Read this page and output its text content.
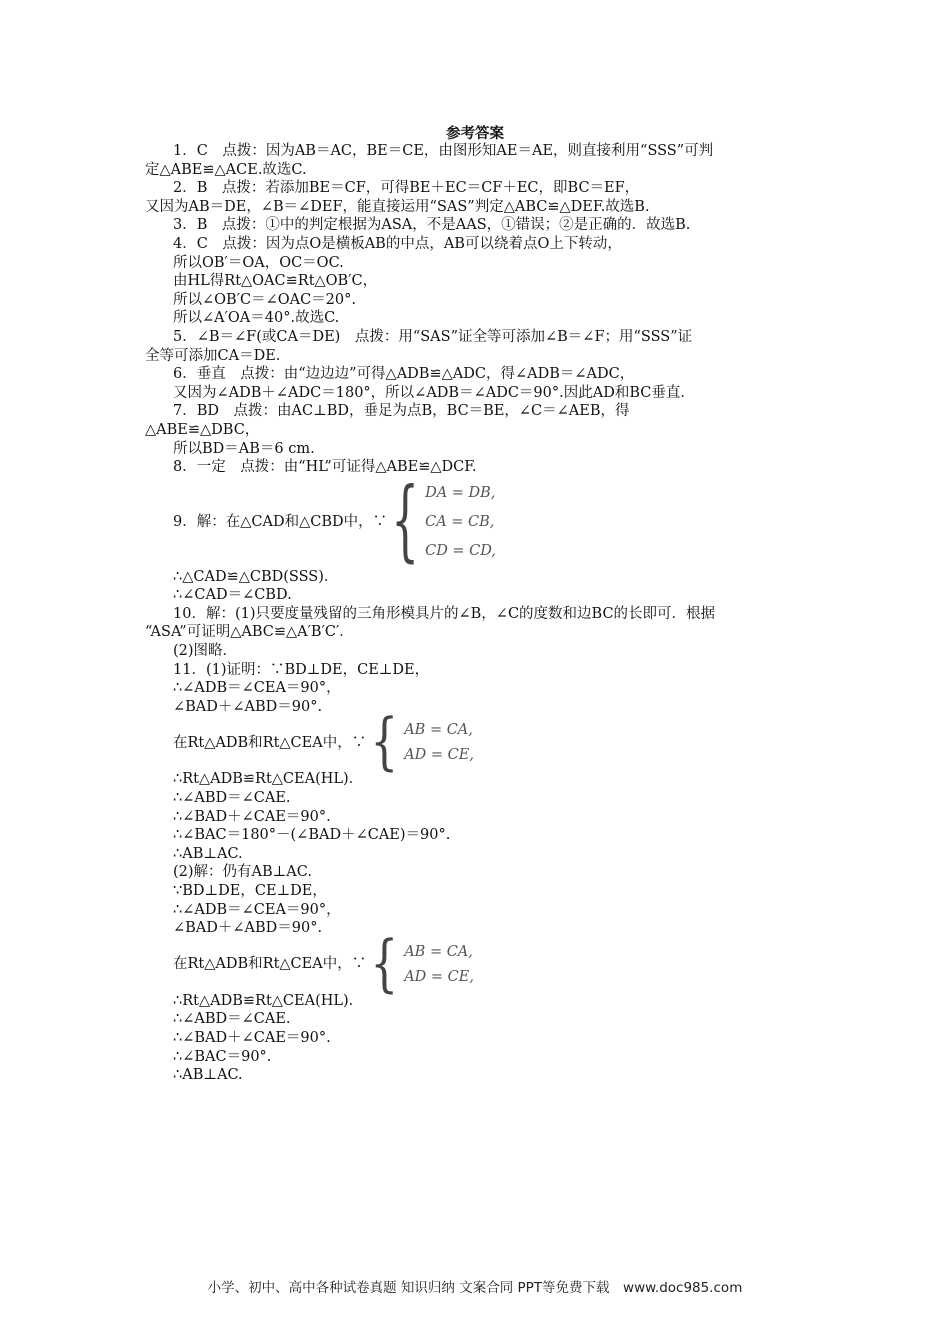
参考答案
1．C　点拨：因为AB＝AC，BE＝CE，由图形知AE＝AE，则直接利用“SSS”可判
定△ABE≌△ACE.故选C.
2．B　点拨：若添加BE＝CF，可得BE＋EC＝CF＋EC，即BC＝EF，
又因为AB＝DE，∠B＝∠DEF，能直接运用“SAS”判定△ABC≌△DEF.故选B.
3．B　点拨：①中的判定根据为ASA，不是AAS，①错误；②是正确的．故选B.
4．C　点拨：因为点O是横板AB的中点，AB可以绕着点O上下转动，
所以OB′＝OA，OC＝OC.
由HL得Rt△OAC≌Rt△OB′C，
所以∠OB′C＝∠OAC＝20°.
所以∠A′OA＝40°.故选C.
5．∠B＝∠F(或CA＝DE)　点拨：用“SAS”证全等可添加∠B＝∠F；用“SSS”证
全等可添加CA＝DE.
6．垂直　点拨：由“边边边”可得△ADB≌△ADC，得∠ADB＝∠ADC，
又因为∠ADB＋∠ADC＝180°，所以∠ADB＝∠ADC＝90°.因此AD和BC垂直．
7．BD　点拨：由AC⊥BD，垂足为点B，BC＝BE，∠C＝∠AEB，得
△ABE≌△DBC，
所以BD＝AB＝6 cm.
8．一定　点拨：由“HL”可证得△ABE≌△DCF.
9．解：在△CAD和△CBD中，∵ { DA = DB,
CA = CB,
CD = CD,
∴△CAD≌△CBD(SSS)．
∴∠CAD＝∠CBD.
10．解：(1)只要度量残留的三角形模具片的∠B，∠C的度数和边BC的长即可．根据
“ASA”可证明△ABC≌△A′B′C′．
(2)图略．
11．(1)证明：∵BD⊥DE，CE⊥DE，
∴∠ADB＝∠CEA＝90°，
∠BAD＋∠ABD＝90°.
在Rt△ADB和Rt△CEA中，∵ { AB = CA,
AD = CE,
∴Rt△ADB≌Rt△CEA(HL)．
∴∠ABD＝∠CAE.
∴∠BAD＋∠CAE＝90°.
∴∠BAC＝180°－(∠BAD＋∠CAE)＝90°.
∴AB⊥AC.
(2)解：仍有AB⊥AC.
∵BD⊥DE，CE⊥DE，
∴∠ADB＝∠CEA＝90°，
∠BAD＋∠ABD＝90°.
在Rt△ADB和Rt△CEA中，∵ { AB = CA,
AD = CE,
∴Rt△ADB≌Rt△CEA(HL)．
∴∠ABD＝∠CAE.
∴∠BAD＋∠CAE＝90°.
∴∠BAC＝90°.
∴AB⊥AC.
小学、初中、高中各种试卷真题 知识归纳 文案合同 PPT等免费下载　www.doc985.com
